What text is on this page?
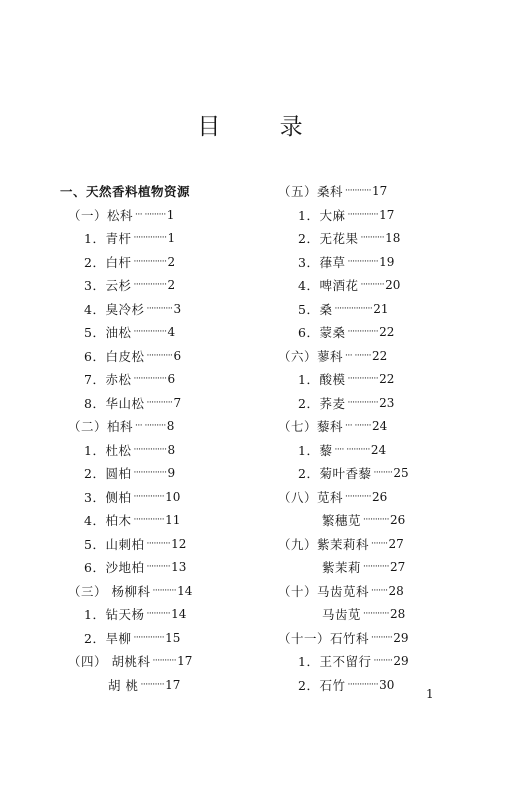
目 录
一、天然香料植物资源
（一）松科 ··· ········· 1
1．青杆 ·············· 1
2．白杆 ·············· 2
3．云杉 ·············· 2
4．臭冷杉 ··········· 3
5．油松 ·············· 4
6．白皮松 ··········· 6
7．赤松 ·············· 6
8．华山松 ··········· 7
（二）柏科 ··· ········· 8
1．杜松 ·············· 8
2．圆柏 ·············· 9
3．侧柏 ············· 10
4．柏木 ············· 11
5．山刺柏 ·········· 12
6．沙地柏 ·········· 13
（三） 杨柳科 ·········· 14
1．钻天杨 ·········· 14
2．旱柳 ············· 15
（四） 胡桃科 ·········· 17
胡 桃 ·········· 17
（五）桑科 ··········· 17
1．大麻 ············· 17
2．无花果 ·········· 18
3．葎草 ············· 19
4．啤酒花 ·········· 20
5．桑 ················ 21
6．蒙桑 ············· 22
（六）蓼科 ··· ······· 22
1．酸模 ············· 22
2．荞麦 ············· 23
（七）藜科 ··· ······· 24
1．藜 ···· ·········· 24
2．菊叶香藜 ········ 25
（八）苋科 ··········· 26
繁穗苋 ··········· 26
（九）紫茉莉科 ······· 27
紫茉莉 ··········· 27
（十）马齿苋科 ······· 28
马齿苋 ··········· 28
（十一）石竹科 ········· 29
1．王不留行 ········ 29
2．石竹 ············· 30
1
